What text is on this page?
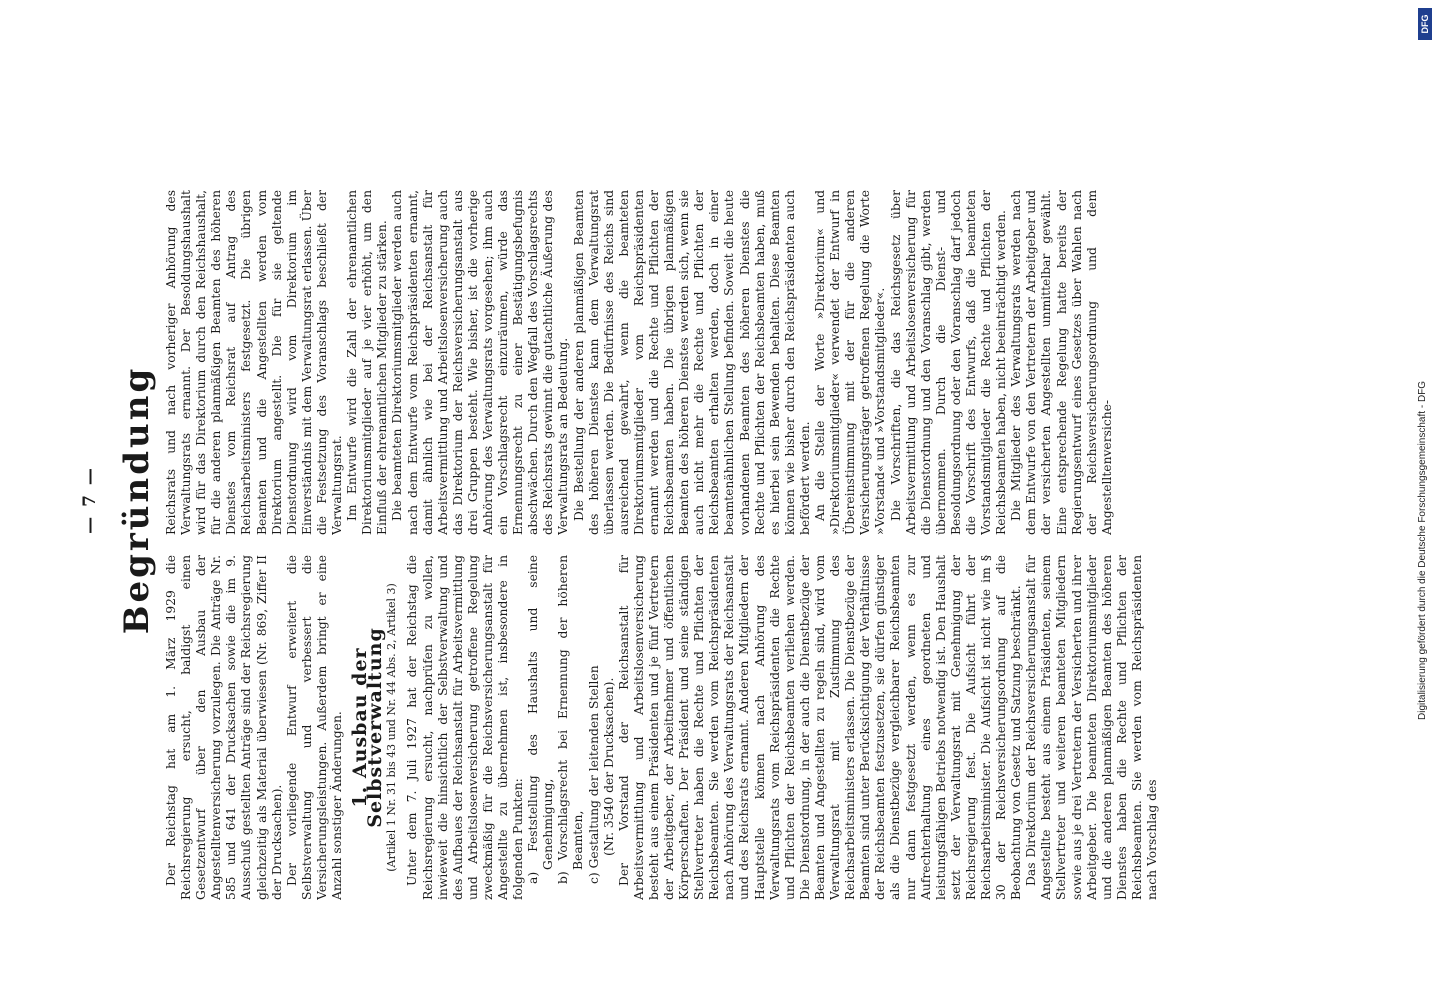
— 7 — Begründung

Der Reichstag hat am 1. März 1929 die Reichsregierung ersucht, baldigst einen Gesetzentwurf über den Ausbau der Angestelltenversicherung vorzulegen. Die Anträge Nr. 585 und 641 der Drucksachen sowie die im 9. Ausschuß gestellten Anträge sind der Reichsregierung gleichzeitig als Material überwiesen (Nr. 869, Ziffer II der Drucksachen). Der vorliegende Entwurf erweitert die Selbstverwaltung und verbessert die Versicherungsleistungen. Außerdem bringt er eine Anzahl sonstiger Änderungen. 1. Ausbau der Selbstverwaltung (Artikel 1 Nr. 31 bis 43 und Nr. 44 Abs. 2, Artikel 3) Unter dem 7. Juli 1927 hat der Reichstag die Reichsregierung ersucht, nachprüfen zu wollen, inwieweit die hinsichtlich der Selbstverwaltung und des Aufbaues der Reichsanstalt für Arbeitsvermittlung und Arbeitslosenversicherung getroffene Regelung zweckmäßig für die Reichsversicherungsanstalt für Angestellte zu übernehmen ist, insbesondere in folgenden Punkten: a) Feststellung des Haushalts und seine Genehmigung, b) Vorschlagsrecht bei Ernennung der höheren Beamten, c) Gestaltung der leitenden Stellen (Nr. 3540 der Drucksachen). Der Vorstand der Reichsanstalt für Arbeitsvermittlung und Arbeitslosenversicherung besteht aus einem Präsidenten und je fünf Vertretern der Arbeitgeber, der Arbeitnehmer und öffentlichen Körperschaften. Der Präsident und seine ständigen Stellvertreter haben die Rechte und Pflichten der Reichsbeamten. Sie werden vom Reichspräsidenten nach Anhörung des Verwaltungsrats der Reichsanstalt und des Reichsrats ernannt. Anderen Mitgliedern der Hauptstelle können nach Anhörung des Verwaltungsrats vom Reichspräsidenten die Rechte und Pflichten der Reichsbeamten verliehen werden. Die Dienstordnung, in der auch die Dienstbezüge der Beamten und Angestellten zu regeln sind, wird vom Verwaltungsrat mit Zustimmung des Reichsarbeitsministers erlassen. Die Dienstbezüge der Beamten sind unter Berücksichtigung der Verhältnisse der Reichsbeamten festzusetzen, sie dürfen günstiger als die Dienstbezüge vergleichbarer Reichsbeamten nur dann festgesetzt werden, wenn es zur Aufrechterhaltung eines geordneten und leistungsfähigen Betriebs notwendig ist. Den Haushalt setzt der Verwaltungsrat mit Genehmigung der Reichsregierung fest. Die Aufsicht führt der Reichsarbeitsminister. Die Aufsicht ist nicht wie im § 30 der Reichsversicherungsordnung auf die Beobachtung von Gesetz und Satzung beschränkt. Das Direktorium der Reichsversicherungsanstalt für Angestellte besteht aus einem Präsidenten, seinem Stellvertreter und weiteren beamteten Mitgliedern sowie aus je drei Vertretern der Versicherten und ihrer Arbeitgeber. Die beamteten Direktoriumsmitglieder und die anderen planmäßigen Beamten des höheren Dienstes haben die Rechte und Pflichten der Reichsbeamten. Sie werden vom Reichspräsidenten nach Vorschlag des

Reichsrats und nach vorheriger Anhörung des Verwaltungsrats ernannt. Der Besoldungshaushalt wird für das Direktorium durch den Reichshaushalt, für die anderen planmäßigen Beamten des höheren Dienstes vom Reichsrat auf Antrag des Reichsarbeitsministers festgesetzt. Die übrigen Beamten und die Angestellten werden vom Direktorium angestellt. Die für sie geltende Dienstordnung wird vom Direktorium im Einverständnis mit dem Verwaltungsrat erlassen. Über die Festsetzung des Voranschlags beschließt der Verwaltungsrat. Im Entwurfe wird die Zahl der ehrenamtlichen Direktoriumsmitglieder auf je vier erhöht, um den Einfluß der ehrenamtlichen Mitglieder zu stärken. Die beamteten Direktoriumsmitglieder werden auch nach dem Entwurfe vom Reichspräsidenten ernannt, damit ähnlich wie bei der Reichsanstalt für Arbeitsvermittlung und Arbeitslosenversicherung auch das Direktorium der Reichsversicherungsanstalt aus drei Gruppen besteht. Wie bisher, ist die vorherige Anhörung des Verwaltungsrats vorgesehen; ihm auch ein Vorschlagsrecht einzuräumen, würde das Ernennungsrecht zu einer Bestätigungsbefugnis abschwächen. Durch den Wegfall des Vorschlagsrechts des Reichsrats gewinnt die gutachtliche Äußerung des Verwaltungsrats an Bedeutung. Die Bestellung der anderen planmäßigen Beamten des höheren Dienstes kann dem Verwaltungsrat überlassen werden. Die Bedürfnisse des Reichs sind ausreichend gewahrt, wenn die beamteten Direktoriumsmitglieder vom Reichspräsidenten ernannt werden und die Rechte und Pflichten der Reichsbeamten haben. Die übrigen planmäßigen Beamten des höheren Dienstes werden sich, wenn sie auch nicht mehr die Rechte und Pflichten der Reichsbeamten erhalten werden, doch in einer beamtenähnlichen Stellung befinden. Soweit die heute vorhandenen Beamten des höheren Dienstes die Rechte und Pflichten der Reichsbeamten haben, muß es hierbei sein Bewenden behalten. Diese Beamten können wie bisher durch den Reichspräsidenten auch befördert werden. An die Stelle der Worte »Direktorium« und »Direktoriumsmitglieder« verwendet der Entwurf in Übereinstimmung mit der für die anderen Versicherungsträger getroffenen Regelung die Worte »Vorstand« und »Vorstandsmitglieder«. Die Vorschriften, die das Reichsgesetz über Arbeitsvermittlung und Arbeitslosenversicherung für die Dienstordnung und den Voranschlag gibt, werden übernommen. Durch die Dienst- und Besoldungsordnung oder den Voranschlag darf jedoch die Vorschrift des Entwurfs, daß die beamteten Vorstandsmitglieder die Rechte und Pflichten der Reichsbeamten haben, nicht beeinträchtigt werden. Die Mitglieder des Verwaltungsrats werden nach dem Entwurfe von den Vertretern der Arbeitgeber und der versicherten Angestellten unmittelbar gewählt. Eine entsprechende Regelung hatte bereits der Regierungsentwurf eines Gesetzes über Wahlen nach der Reichsversicherungsordnung und dem Angestelltenversiche-

DFG
Digitalisierung gefördert durch die Deutsche Forschungsgemeinschaft - DFG
